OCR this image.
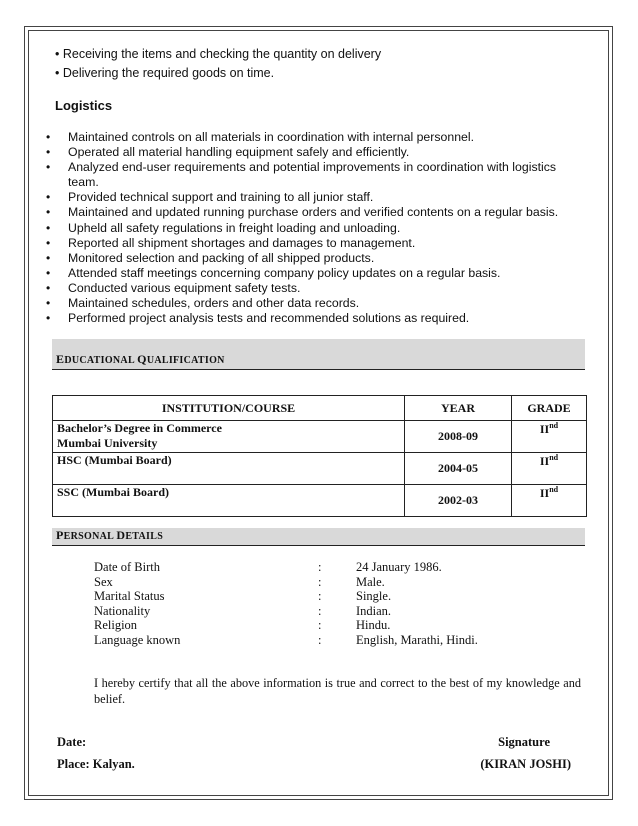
• Receiving the items and checking the quantity on delivery
• Delivering the required goods on time.
Logistics
• Maintained controls on all materials in coordination with internal personnel.
• Operated all material handling equipment safely and efficiently.
• Analyzed end-user requirements and potential improvements in coordination with logistics team.
• Provided technical support and training to all junior staff.
• Maintained and updated running purchase orders and verified contents on a regular basis.
• Upheld all safety regulations in freight loading and unloading.
• Reported all shipment shortages and damages to management.
• Monitored selection and packing of all shipped products.
• Attended staff meetings concerning company policy updates on a regular basis.
• Conducted various equipment safety tests.
• Maintained schedules, orders and other data records.
• Performed project analysis tests and recommended solutions as required.
EDUCATIONAL QUALIFICATION
INSTITUTION/COURSE	YEAR	GRADE

Bachelor’s Degree in Commerce
Mumbai University	2008-09	IInd

HSC (Mumbai Board)	2004-05	IInd

SSC (Mumbai Board)	2002-03	IInd
PERSONAL DETAILS
Date of Birth	:	24 January 1986.
Sex	:	Male.
Marital Status	:	Single.
Nationality	:	Indian.
Religion	:	Hindu.
Language known	:	English, Marathi, Hindi.
I hereby certify that all the above information is true and correct to the best of my knowledge and belief.
Date:
Place: Kalyan.
Signature
(KIRAN JOSHI)
